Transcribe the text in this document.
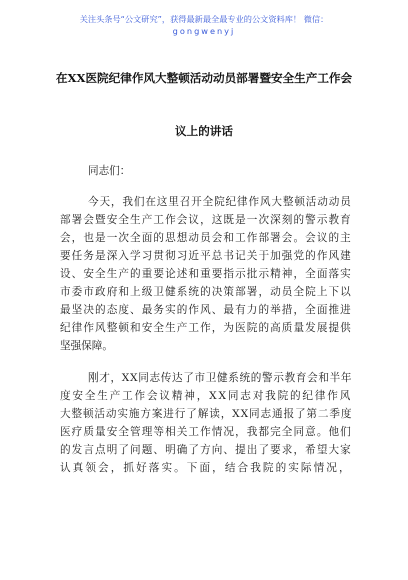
关注头条号“公文研究”，获得最新最全最专业的公文资料库！ 微信：
gongwenyj
在XX医院纪律作风大整顿活动动员部署暨安全生产工作会
议上的讲话
同志们：
今天，我们在这里召开全院纪律作风大整顿活动动员
部署会暨安全生产工作会议，这既是一次深刻的警示教育
会，也是一次全面的思想动员会和工作部署会。会议的主
要任务是深入学习贯彻习近平总书记关于加强党的作风建
设、安全生产的重要论述和重要指示批示精神，全面落实
市委市政府和上级卫健系统的决策部署，动员全院上下以
最坚决的态度、最务实的作风、最有力的举措，全面推进
纪律作风整顿和安全生产工作，为医院的高质量发展提供
坚强保障。
刚才，XX同志传达了市卫健系统的警示教育会和半年
度安全生产工作会议精神，XX同志对我院的纪律作风
大整顿活动实施方案进行了解读，XX同志通报了第二季度
医疗质量安全管理等相关工作情况，我都完全同意。他们
的发言点明了问题、明确了方向、提出了要求，希望大家
认真领会，抓好落实。下面，结合我院的实际情况，
